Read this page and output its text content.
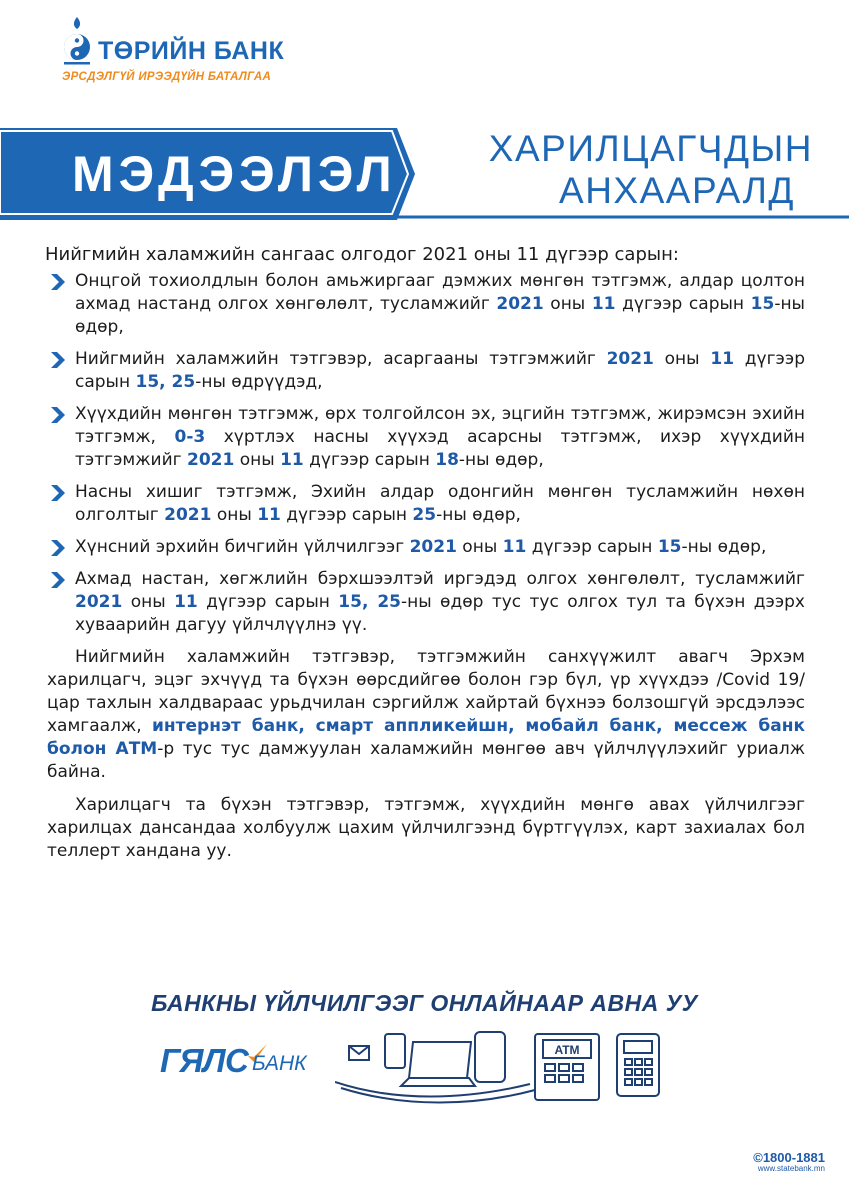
ТӨРИЙН БАНК
ЭРСДЭЛГҮЙ ИРЭЭДҮЙН БАТАЛГАА
МЭДЭЭЛЭЛ	ХАРИЛЦАГЧДЫН
АНХААРАЛД
Нийгмийн халамжийн сангаас олгодог 2021 оны 11 дүгээр сарын:
Онцгой тохиолдлын болон амьжиргааг дэмжих мөнгөн тэтгэмж, алдар цолтон ахмад настанд олгох хөнгөлөлт, тусламжийг 2021 оны 11 дүгээр сарын 15-ны өдөр,
Нийгмийн халамжийн тэтгэвэр, асаргааны тэтгэмжийг 2021 оны 11 дүгээр сарын 15, 25-ны өдрүүдэд,
Хүүхдийн мөнгөн тэтгэмж, өрх толгойлсон эх, эцгийн тэтгэмж, жирэмсэн эхийн тэтгэмж, 0-3 хүртлэх насны хүүхэд асарсны тэтгэмж, ихэр хүүхдийн тэтгэмжийг 2021 оны 11 дүгээр сарын 18-ны өдөр,
Насны хишиг тэтгэмж, Эхийн алдар одонгийн мөнгөн тусламжийн нөхөн олголтыг 2021 оны 11 дүгээр сарын 25-ны өдөр,
Хүнсний эрхийн бичгийн үйлчилгээг 2021 оны 11 дүгээр сарын 15-ны өдөр,
Ахмад настан, хөгжлийн бэрхшээлтэй иргэдэд олгох хөнгөлөлт, тусламжийг 2021 оны 11 дүгээр сарын 15, 25-ны өдөр тус тус олгох тул та бүхэн дээрх хуваарийн дагуу үйлчлүүлнэ үү.

Нийгмийн халамжийн тэтгэвэр, тэтгэмжийн санхүүжилт авагч Эрхэм харилцагч, эцэг эхчүүд та бүхэн өөрсдийгөө болон гэр бүл, үр хүүхдээ /Covid 19/ цар тахлын халдвараас урьдчилан сэргийлж хайртай бүхнээ болзошгүй эрсдэлээс хамгаалж, интернэт банк, смарт аппликейшн, мобайл банк, мессеж банк болон АТМ-р тус тус дамжуулан халамжийн мөнгөө авч үйлчлүүлэхийг уриалж байна.

Харилцагч та бүхэн тэтгэвэр, тэтгэмж, хүүхдийн мөнгө авах үйлчилгээг харилцах дансандаа холбуулж цахим үйлчилгээнд бүртгүүлэх, карт захиалах бол теллерт хандана уу.

БАНКНЫ ҮЙЛЧИЛГЭЭГ ОНЛАЙНААР АВНА УУ
ГЯЛС БАНК
ATM
©1800-1881
www.statebank.mn
